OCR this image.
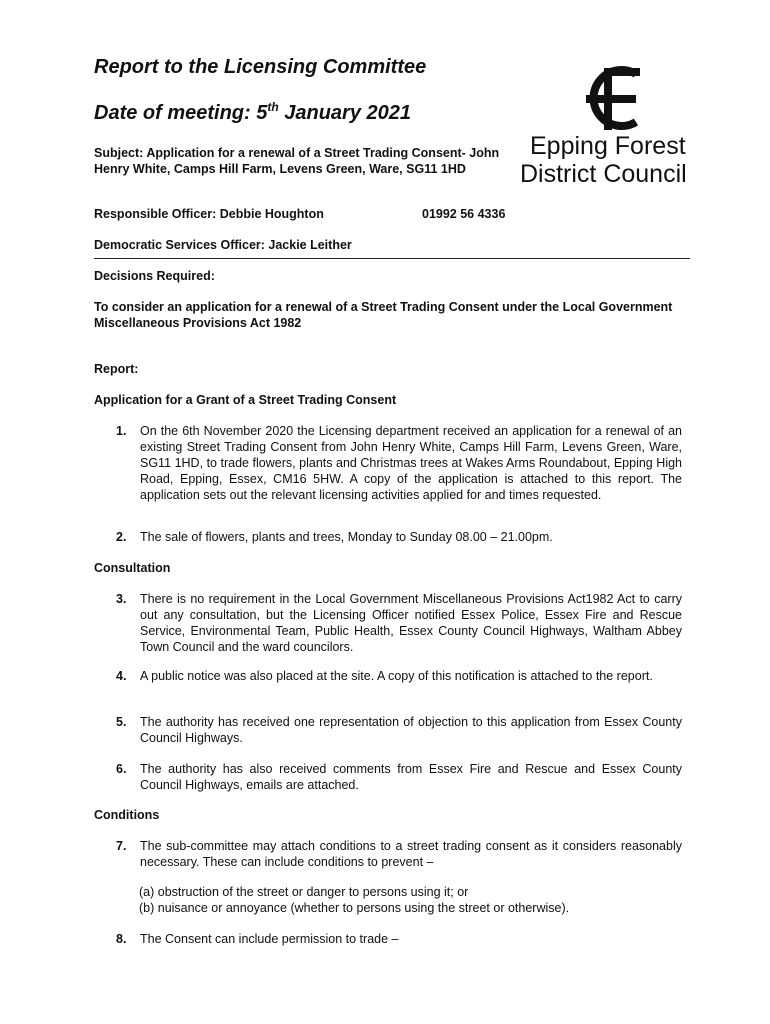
Report to the Licensing Committee
Date of meeting: 5th January 2021
Epping Forest
District Council

Subject: Application for a renewal of a Street Trading Consent- John Henry White, Camps Hill Farm, Levens Green, Ware, SG11 1HD

Responsible Officer: Debbie Houghton	01992 56 4336

Democratic Services Officer: Jackie Leither

Decisions Required:

To consider an application for a renewal of a Street Trading Consent under the Local Government Miscellaneous Provisions Act 1982

Report:

Application for a Grant of a Street Trading Consent

1.	On the 6th November 2020 the Licensing department received an application for a renewal of an existing Street Trading Consent from John Henry White, Camps Hill Farm, Levens Green, Ware, SG11 1HD, to trade flowers, plants and Christmas trees at Wakes Arms Roundabout, Epping High Road, Epping, Essex, CM16 5HW. A copy of the application is attached to this report. The application sets out the relevant licensing activities applied for and times requested.
2.	The sale of flowers, plants and trees, Monday to Sunday 08.00 – 21.00pm.

Consultation

3.	There is no requirement in the Local Government Miscellaneous Provisions Act1982 Act to carry out any consultation, but the Licensing Officer notified Essex Police, Essex Fire and Rescue Service, Environmental Team, Public Health, Essex County Council Highways, Waltham Abbey Town Council and the ward councilors.
4.	A public notice was also placed at the site. A copy of this notification is attached to the report.
5.	The authority has received one representation of objection to this application from Essex County Council Highways.
6.	The authority has also received comments from Essex Fire and Rescue and Essex County Council Highways, emails are attached.

Conditions

7.	The sub-committee may attach conditions to a street trading consent as it considers reasonably necessary. These can include conditions to prevent –
(a) obstruction of the street or danger to persons using it; or
(b) nuisance or annoyance (whether to persons using the street or otherwise).
8.	The Consent can include permission to trade –
